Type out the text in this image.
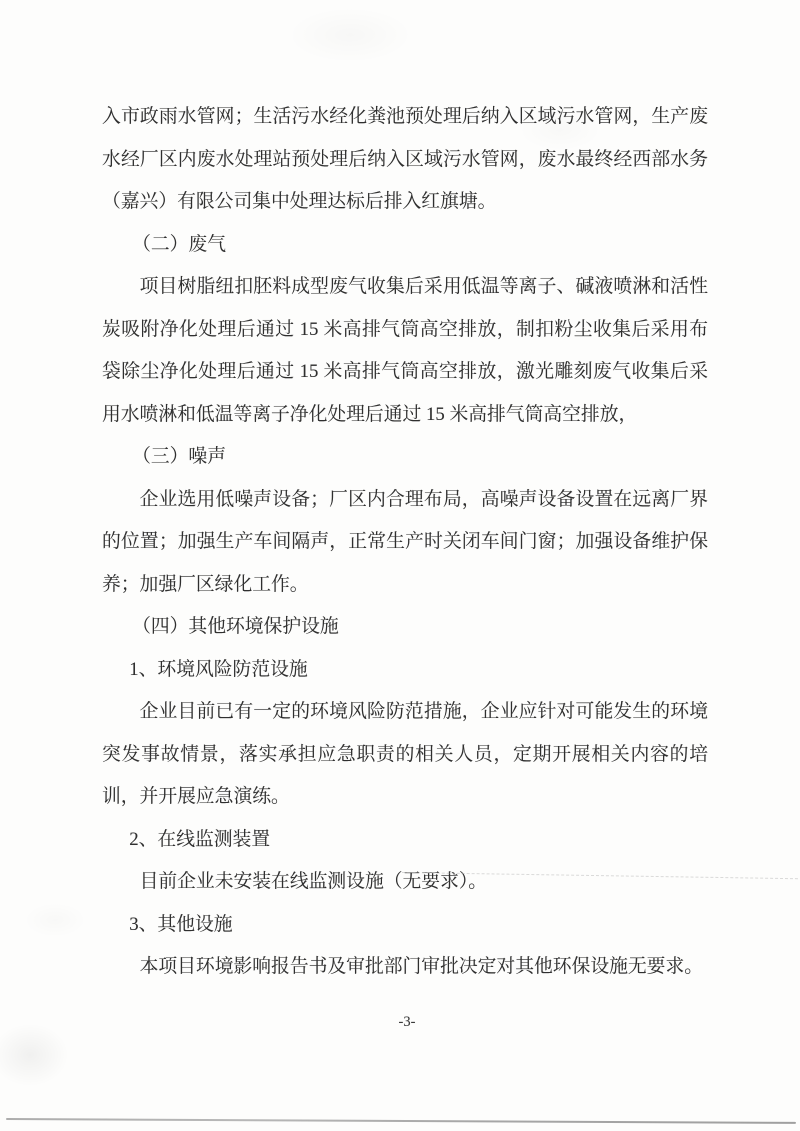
入市政雨水管网；生活污水经化粪池预处理后纳入区域污水管网，生产废水经厂区内废水处理站预处理后纳入区域污水管网，废水最终经西部水务（嘉兴）有限公司集中处理达标后排入红旗塘。

（二）废气

项目树脂纽扣胚料成型废气收集后采用低温等离子、碱液喷淋和活性炭吸附净化处理后通过 15 米高排气筒高空排放，制扣粉尘收集后采用布袋除尘净化处理后通过 15 米高排气筒高空排放，激光雕刻废气收集后采用水喷淋和低温等离子净化处理后通过 15 米高排气筒高空排放，

（三）噪声

企业选用低噪声设备；厂区内合理布局，高噪声设备设置在远离厂界的位置；加强生产车间隔声，正常生产时关闭车间门窗；加强设备维护保养；加强厂区绿化工作。

（四）其他环境保护设施

1、环境风险防范设施

企业目前已有一定的环境风险防范措施，企业应针对可能发生的环境突发事故情景，落实承担应急职责的相关人员，定期开展相关内容的培训，并开展应急演练。

2、在线监测装置

目前企业未安装在线监测设施（无要求）。

3、其他设施

本项目环境影响报告书及审批部门审批决定对其他环保设施无要求。

-3-
